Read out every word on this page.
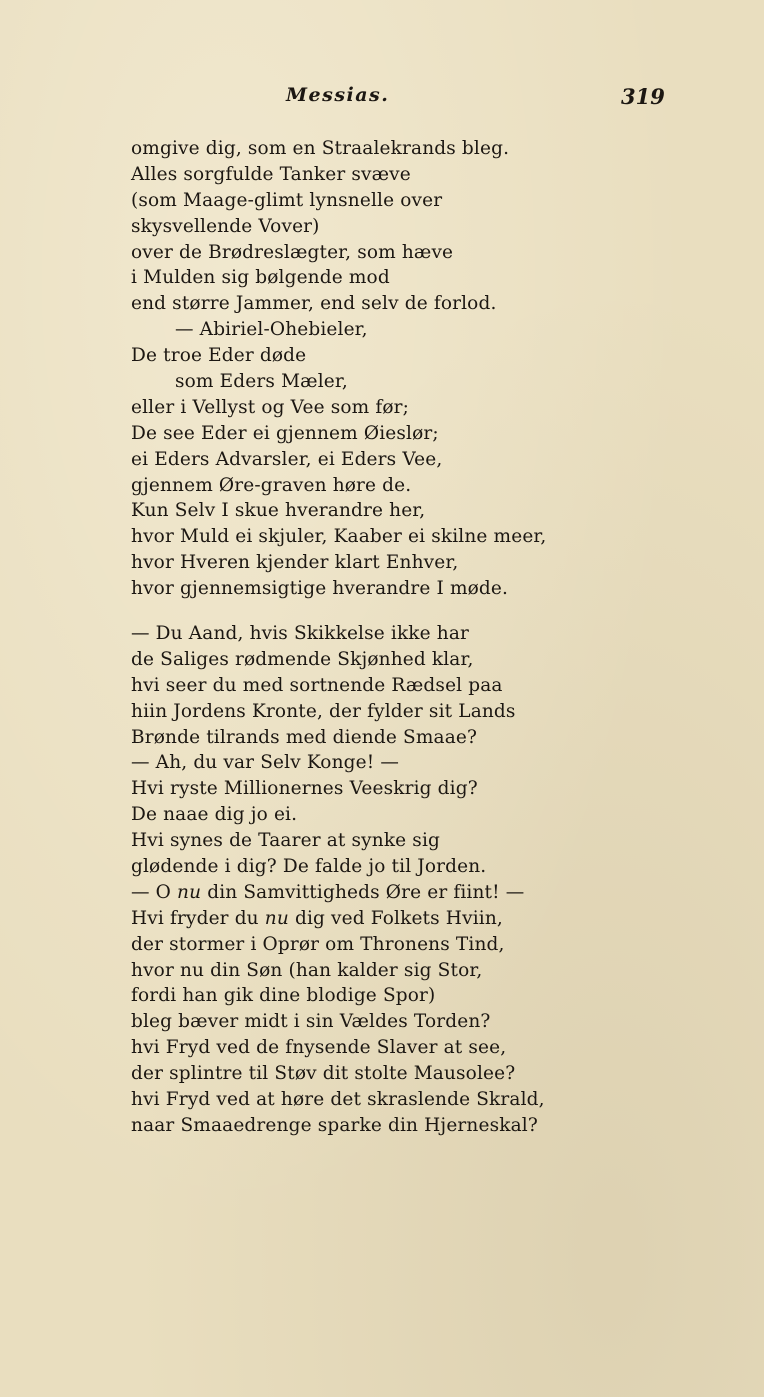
Messias.	319
omgive dig, som en Straalekrands bleg.
Alles sorgfulde Tanker svæve
(som Maage-glimt lynsnelle over
skysvellende Vover)
over de Brødreslægter, som hæve
i Mulden sig bølgende mod
end større Jammer, end selv de forlod.
— Abiriel-Ohebieler,
De troe Eder døde
som Eders Mæler,
eller i Vellyst og Vee som før;
De see Eder ei gjennem Øieslør;
ei Eders Advarsler, ei Eders Vee,
gjennem Øre-graven høre de.
Kun Selv I skue hverandre her,
hvor Muld ei skjuler, Kaaber ei skilne meer,
hvor Hveren kjender klart Enhver,
hvor gjennemsigtige hverandre I møde.
— Du Aand, hvis Skikkelse ikke har
de Saliges rødmende Skjønhed klar,
hvi seer du med sortnende Rædsel paa
hiin Jordens Kronte, der fylder sit Lands
Brønde tilrands med diende Smaae?
— Ah, du var Selv Konge! —
Hvi ryste Millionernes Veeskrig dig?
De naae dig jo ei.
Hvi synes de Taarer at synke sig
glødende i dig? De falde jo til Jorden.
— O nu din Samvittigheds Øre er fiint! —
Hvi fryder du nu dig ved Folkets Hviin,
der stormer i Oprør om Thronens Tind,
hvor nu din Søn (han kalder sig Stor,
fordi han gik dine blodige Spor)
bleg bæver midt i sin Vældes Torden?
hvi Fryd ved de fnysende Slaver at see,
der splintre til Støv dit stolte Mausolee?
hvi Fryd ved at høre det skraslende Skrald,
naar Smaaedrenge sparke din Hjerneskal?
